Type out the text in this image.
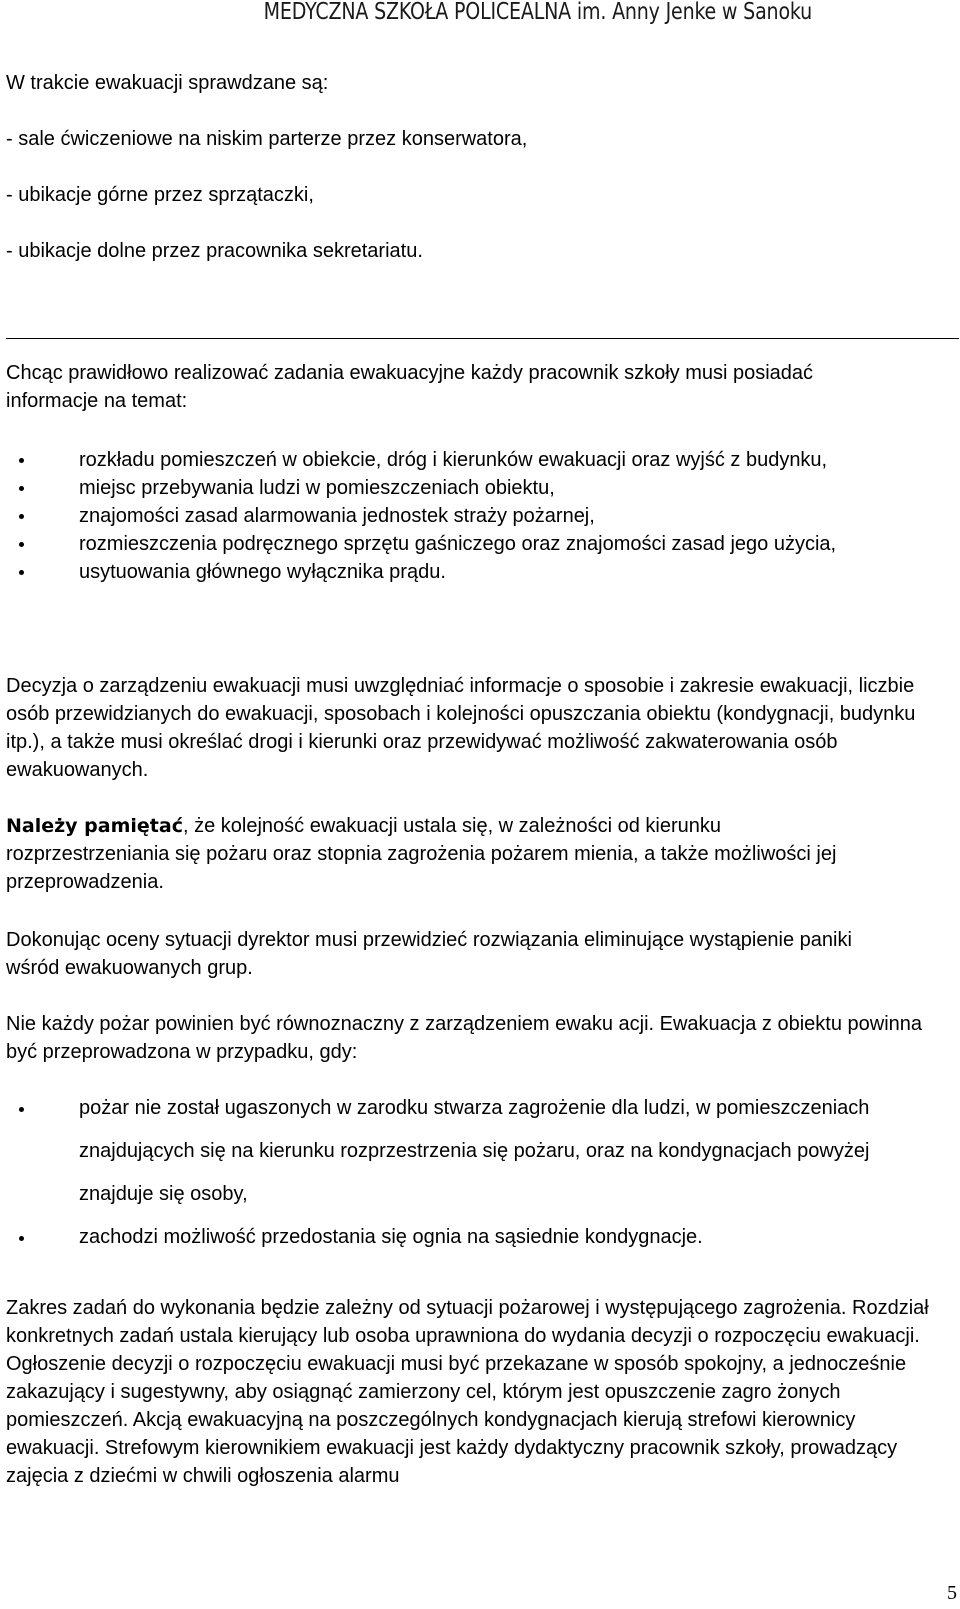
MEDYCZNA SZKOŁA POLICEALNA im. Anny Jenke w Sanoku

W trakcie ewakuacji sprawdzane są:

- sale ćwiczeniowe na niskim parterze przez konserwatora,

- ubikacje górne przez sprzątaczki,

- ubikacje dolne przez pracownika sekretariatu.

Chcąc prawidłowo realizować zadania ewakuacyjne każdy pracownik szkoły musi posiadać informacje na temat:

rozkładu pomieszczeń w obiekcie, dróg i kierunków ewakuacji oraz wyjść z budynku,
miejsc przebywania ludzi w pomieszczeniach obiektu,
znajomości zasad alarmowania jednostek straży pożarnej,
rozmieszczenia podręcznego sprzętu gaśniczego oraz znajomości zasad jego użycia,
usytuowania głównego wyłącznika prądu.

Decyzja o zarządzeniu ewakuacji musi uwzględniać informacje o sposobie i zakresie ewakuacji, liczbie osób przewidzianych do ewakuacji, sposobach i kolejności opuszczania obiektu (kondygnacji, budynku itp.), a także musi określać drogi i kierunki oraz przewidywać możliwość zakwaterowania osób ewakuowanych.

Należy pamiętać, że kolejność ewakuacji ustala się, w zależności od kierunku rozprzestrzeniania się pożaru oraz stopnia zagrożenia pożarem mienia, a także możliwości jej przeprowadzenia.

Dokonując oceny sytuacji dyrektor musi przewidzieć rozwiązania eliminujące wystąpienie paniki wśród ewakuowanych grup.

Nie każdy pożar powinien być równoznaczny z zarządzeniem ewaku acji. Ewakuacja z obiektu powinna być przeprowadzona w przypadku, gdy:

pożar nie został ugaszonych w zarodku stwarza zagrożenie dla ludzi, w pomieszczeniach znajdujących się na kierunku rozprzestrzenia się pożaru, oraz na kondygnacjach powyżej znajduje się osoby,
zachodzi możliwość przedostania się ognia na sąsiednie kondygnacje.

Zakres zadań do wykonania będzie zależny od sytuacji pożarowej i występującego zagrożenia. Rozdział konkretnych zadań ustala kierujący lub osoba uprawniona do wydania decyzji o rozpoczęciu ewakuacji. Ogłoszenie decyzji o rozpoczęciu ewakuacji musi być przekazane w sposób spokojny, a jednocześnie zakazujący i sugestywny, aby osiągnąć zamierzony cel, którym jest opuszczenie zagro żonych pomieszczeń. Akcją ewakuacyjną na poszczególnych kondygnacjach kierują strefowi kierownicy ewakuacji. Strefowym kierownikiem ewakuacji jest każdy dydaktyczny pracownik szkoły, prowadzący zajęcia z dziećmi w chwili ogłoszenia alarmu

5
